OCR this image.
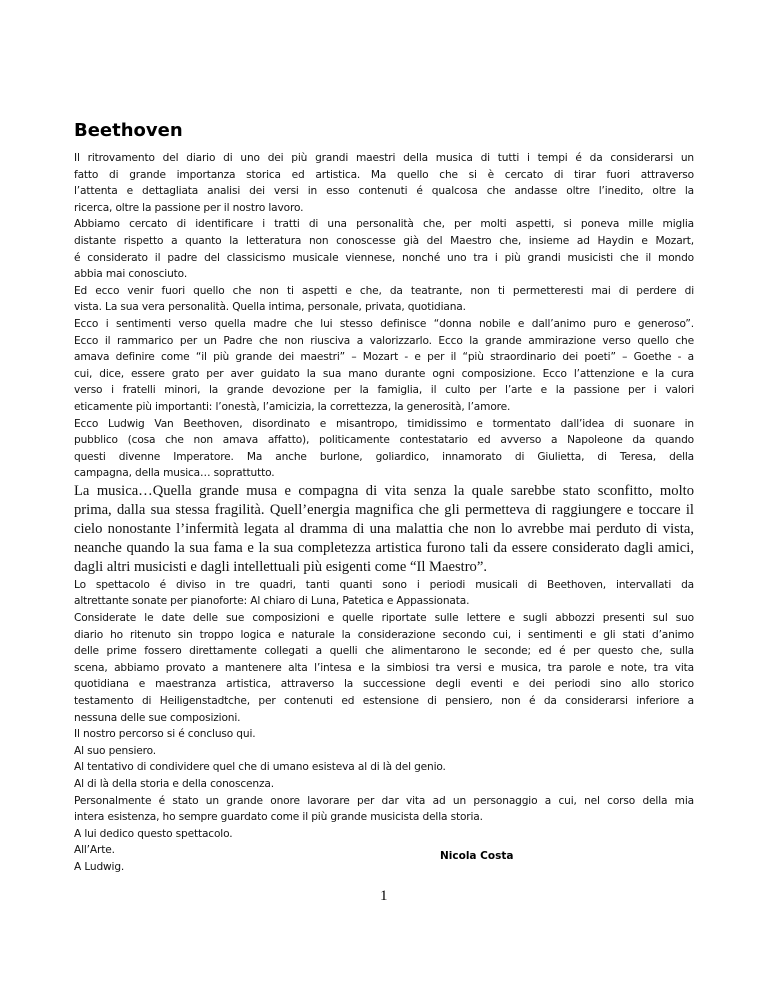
Beethoven
Il ritrovamento del diario di uno dei più grandi maestri della musica di tutti i tempi é da considerarsi un
fatto di grande importanza storica ed artistica. Ma quello che si è cercato di tirar fuori attraverso
l’attenta e dettagliata analisi dei versi in esso contenuti é qualcosa che andasse oltre l’inedito, oltre la
ricerca, oltre la passione per il nostro lavoro.
Abbiamo cercato di identificare i tratti di una personalità che, per molti aspetti, si poneva mille miglia
distante rispetto a quanto la letteratura non conoscesse già del Maestro che, insieme ad Haydin e Mozart,
é considerato il padre del classicismo musicale viennese, nonché uno tra i più grandi musicisti che il mondo
abbia mai conosciuto.
Ed ecco venir fuori quello che non ti aspetti e che, da teatrante, non ti permetteresti mai di perdere di
vista. La sua vera personalità. Quella intima, personale, privata, quotidiana.
Ecco i sentimenti verso quella madre che lui stesso definisce “donna nobile e dall’animo puro e generoso”.
Ecco il rammarico per un Padre che non riusciva a valorizzarlo. Ecco la grande ammirazione verso quello che
amava definire come “il più grande dei maestri” – Mozart - e per il “più straordinario dei poeti” – Goethe - a
cui, dice, essere grato per aver guidato la sua mano durante ogni composizione. Ecco l’attenzione e la cura
verso i fratelli minori, la grande devozione per la famiglia, il culto per l’arte e la passione per i valori
eticamente più importanti: l’onestà, l’amicizia, la correttezza, la generosità, l’amore.
Ecco Ludwig Van Beethoven, disordinato e misantropo, timidissimo e tormentato dall’idea di suonare in
pubblico (cosa che non amava affatto), politicamente contestatario ed avverso a Napoleone da quando
questi divenne Imperatore. Ma anche burlone, goliardico, innamorato di Giulietta, di Teresa, della
campagna, della musica… soprattutto.
La musica…Quella grande musa e compagna di vita senza la quale sarebbe stato sconfitto, molto
prima, dalla sua stessa fragilità. Quell’energia magnifica che gli permetteva di raggiungere e toccare il
cielo nonostante l’infermità legata al dramma di una malattia che non lo avrebbe mai perduto di vista,
neanche quando la sua fama e la sua completezza artistica furono tali da essere considerato dagli amici,
dagli altri musicisti e dagli intellettuali più esigenti come “Il Maestro”.
Lo spettacolo é diviso in tre quadri, tanti quanti sono i periodi musicali di Beethoven, intervallati da
altrettante sonate per pianoforte: Al chiaro di Luna, Patetica e Appassionata.
Considerate le date delle sue composizioni e quelle riportate sulle lettere e sugli abbozzi presenti sul suo
diario ho ritenuto sin troppo logica e naturale la considerazione secondo cui, i sentimenti e gli stati d’animo
delle prime fossero direttamente collegati a quelli che alimentarono le seconde; ed é per questo che, sulla
scena, abbiamo provato a mantenere alta l’intesa e la simbiosi tra versi e musica, tra parole e note, tra vita
quotidiana e maestranza artistica, attraverso la successione degli eventi e dei periodi sino allo storico
testamento di Heiligenstadtche, per contenuti ed estensione di pensiero, non é da considerarsi inferiore a
nessuna delle sue composizioni.
Il nostro percorso si é concluso qui.
Al suo pensiero.
Al tentativo di condividere quel che di umano esisteva al di là del genio.
Al di là della storia e della conoscenza.
Personalmente é stato un grande onore lavorare per dar vita ad un personaggio a cui, nel corso della mia
intera esistenza, ho sempre guardato come il più grande musicista della storia.
A lui dedico questo spettacolo.
All’Arte.
A Ludwig.
Nicola Costa
1
